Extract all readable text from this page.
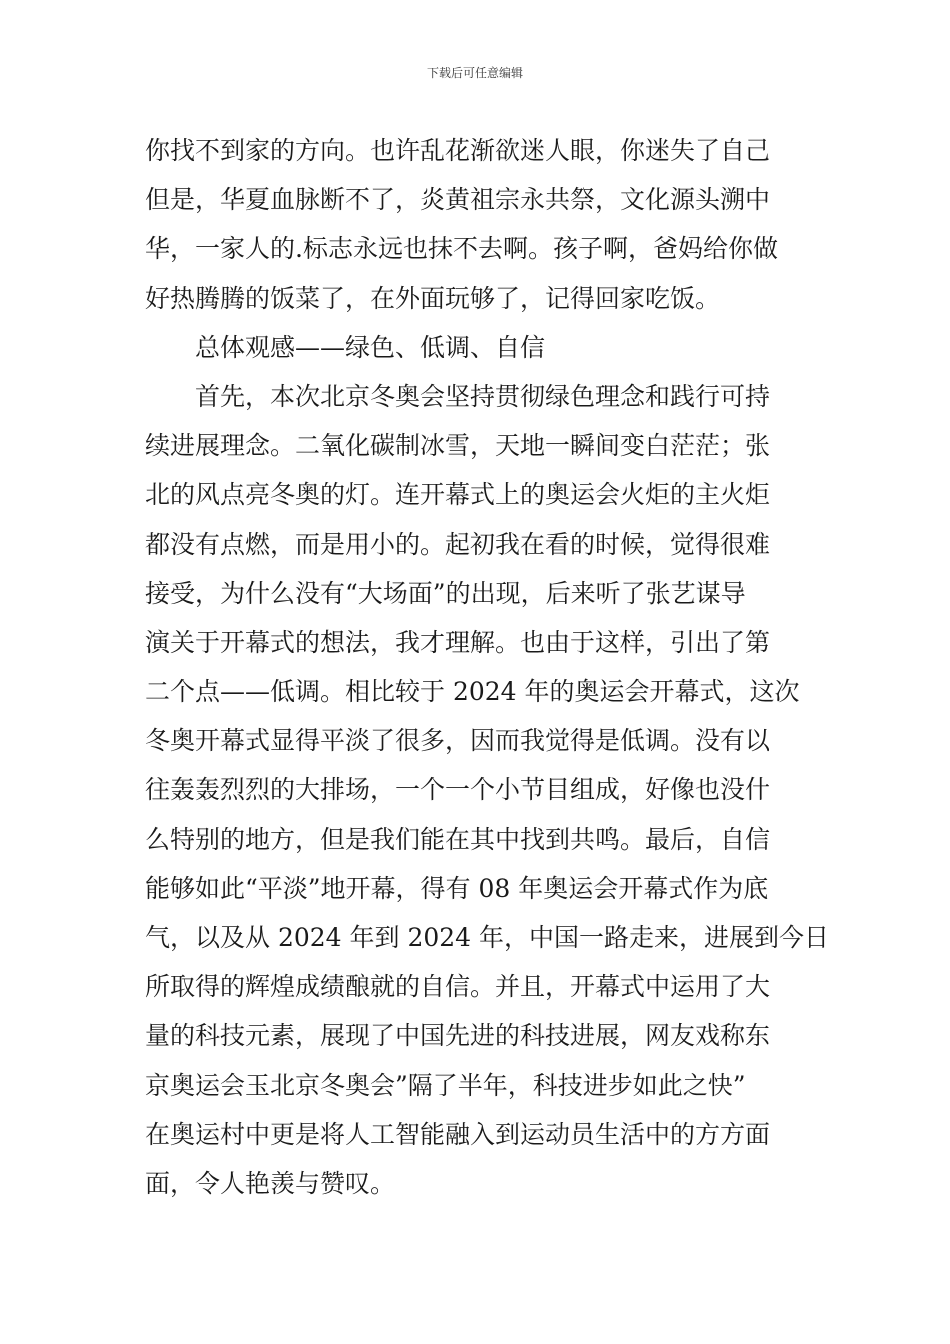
下载后可任意编辑
你找不到家的方向。也许乱花渐欲迷人眼，你迷失了自己
但是，华夏血脉断不了，炎黄祖宗永共祭，文化源头溯中
华，一家人的.标志永远也抹不去啊。孩子啊，爸妈给你做
好热腾腾的饭菜了，在外面玩够了，记得回家吃饭。
总体观感——绿色、低调、自信
首先，本次北京冬奥会坚持贯彻绿色理念和践行可持
续进展理念。二氧化碳制冰雪，天地一瞬间变白茫茫；张
北的风点亮冬奥的灯。连开幕式上的奥运会火炬的主火炬
都没有点燃，而是用小的。起初我在看的时候，觉得很难
接受，为什么没有“大场面”的出现，后来听了张艺谋导
演关于开幕式的想法，我才理解。也由于这样，引出了第
二个点——低调。相比较于 2024 年的奥运会开幕式，这次
冬奥开幕式显得平淡了很多，因而我觉得是低调。没有以
往轰轰烈烈的大排场，一个一个小节目组成，好像也没什
么特别的地方，但是我们能在其中找到共鸣。最后，自信
能够如此“平淡”地开幕，得有 08 年奥运会开幕式作为底
气，以及从 2024 年到 2024 年，中国一路走来，进展到今日
所取得的辉煌成绩酿就的自信。并且，开幕式中运用了大
量的科技元素，展现了中国先进的科技进展，网友戏称东
京奥运会玉北京冬奥会”隔了半年，科技进步如此之快”
在奥运村中更是将人工智能融入到运动员生活中的方方面
面，令人艳羡与赞叹。
